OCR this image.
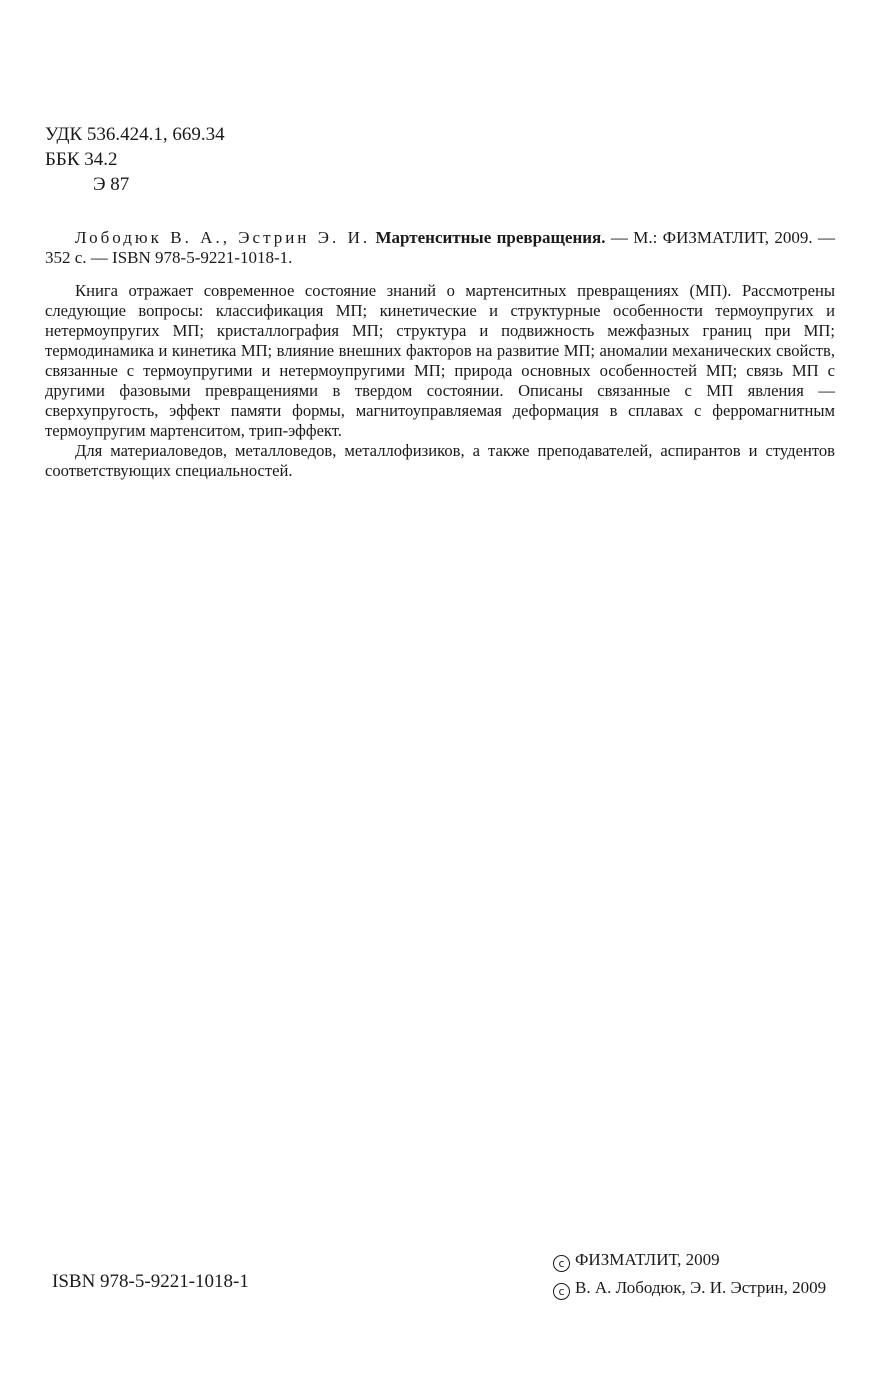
УДК 536.424.1, 669.34
ББК 34.2
Э 87
Лободюк В. А., Эстрин Э. И. Мартенситные превращения. — М.: ФИЗМАТЛИТ, 2009. — 352 с. — ISBN 978-5-9221-1018-1.

Книга отражает современное состояние знаний о мартенситных превращениях (МП). Рассмотрены следующие вопросы: классификация МП; кинетические и структурные особенности термоупругих и нетермоупругих МП; кристаллография МП; структура и подвижность межфазных границ при МП; термодинамика и кинетика МП; влияние внешних факторов на развитие МП; аномалии механических свойств, связанные с термоупругими и нетермоупругими МП; природа основных особенностей МП; связь МП с другими фазовыми превращениями в твердом состоянии. Описаны связанные с МП явления — сверхупругость, эффект памяти формы, магнитоуправляемая деформация в сплавах с ферромагнитным термоупругим мартенситом, трип-эффект.

Для материаловедов, металловедов, металлофизиков, а также преподавателей, аспирантов и студентов соответствующих специальностей.

ISBN 978-5-9221-1018-1
c ФИЗМАТЛИТ, 2009
c В. А. Лободюк, Э. И. Эстрин, 2009
